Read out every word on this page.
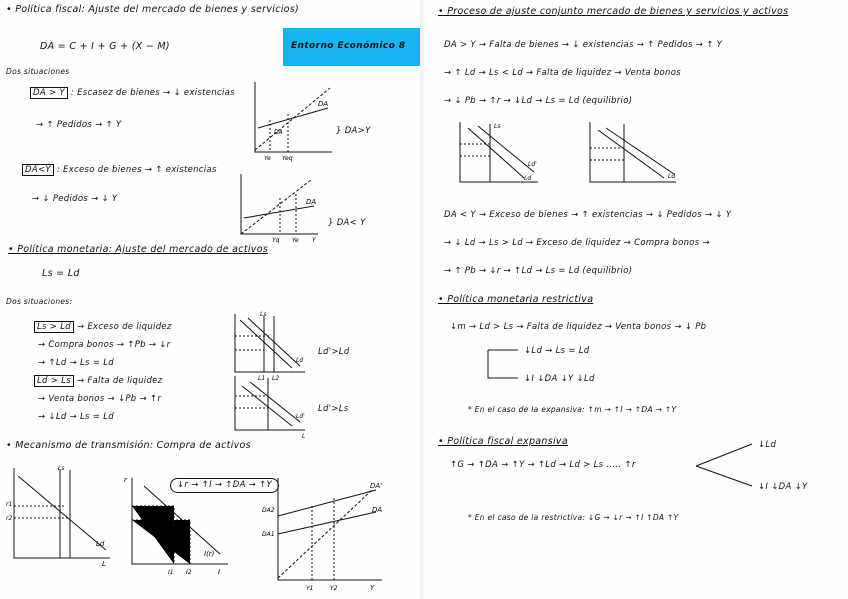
• Política fiscal: Ajuste del mercado de bienes y servicios)
Entorno Económico 8
DA = C + I + G + (X − M)
Dos situaciones
DA > Y : Escasez de bienes → ↓ existencias
→ ↑ Pedidos → ↑ Y
} DA>Y
DA<Y : Exceso de bienes → ↑ existencias
→ ↓ Pedidos → ↓ Y
} DA< Y
• Política monetaria: Ajuste del mercado de activos
Ls = Ld
Dos situaciones:
Ls > Ld → Exceso de liquidez
→ Compra bonos → ↑Pb → ↓r
→ ↑Ld → Ls = Ld
Ld'>Ld
Ld > Ls → Falta de liquidez
→ Venta bonos → ↓Pb → ↑r
→ ↓Ld → Ls = Ld
Ld'>Ls
• Mecanismo de transmisión: Compra de activos
↓r → ↑I → ↑DA → ↑Y
DA
DA
Ye Yeq
DA
Yq Ye Y
Ls
Ld
L1 L2
Ld'
L
r1
r2
Ld
Ls
L
r
I(r)
I1 I2	I
DA'
DA
DA2
DA1
Y1	Y2	Y
• Proceso de ajuste conjunto mercado de bienes y servicios y activos
DA > Y → Falta de bienes → ↓ existencias → ↑ Pedidos → ↑ Y
→ ↑ Ld → Ls < Ld → Falta de liquidez → Venta bonos
→ ↓ Pb → ↑r → ↓Ld → Ls = Ld (equilibrio)
Ls
Ld'
Ld	Ld
DA < Y → Exceso de bienes → ↑ existencias → ↓ Pedidos → ↓ Y
→ ↓ Ld → Ls > Ld → Exceso de liquidez → Compra bonos →
→ ↑ Pb → ↓r → ↑Ld → Ls = Ld (equilibrio)
• Política monetaria restrictiva
↓m → Ld > Ls → Falta de liquidez → Venta bonos → ↓ Pb
↓Ld → Ls = Ld
↓I ↓DA ↓Y ↓Ld
* En el caso de la expansiva: ↑m → ↑I → ↑DA → ↑Y
• Política fiscal expansiva
↑G → ↑DA → ↑Y → ↑Ld → Ld > Ls ..... ↑r
↓Ld
↓I ↓DA ↓Y
* En el caso de la restrictiva: ↓G → ↓r → ↑I ↑DA ↑Y
